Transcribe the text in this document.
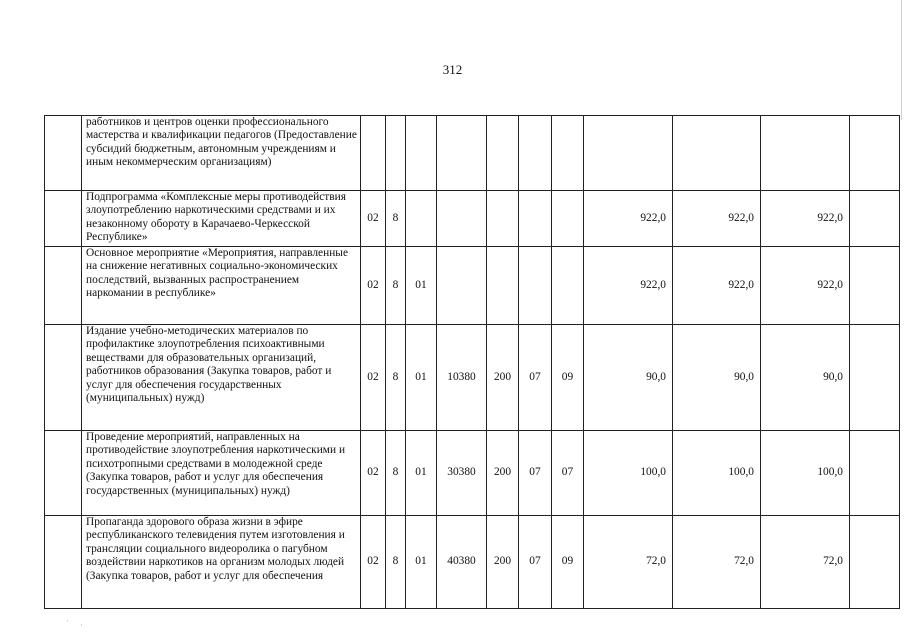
312
	работников и центров оценки профессионального мастерства и квалификации педагогов (Предоставление субсидий бюджетным, автономным учреждениям и иным некоммерческим организациям)											
	Подпрограмма «Комплексные меры противодействия злоупотреблению наркотическими средствами и их незаконному обороту в Карачаево-Черкесской Республике»	02	8						922,0	922,0	922,0	
	Основное мероприятие «Мероприятия, направленные на снижение негативных социально-экономических последствий, вызванных распространением наркомании в республике»	02	8	01					922,0	922,0	922,0	
	Издание учебно-методических материалов по профилактике злоупотребления психоактивными веществами для образовательных организаций, работников образования (Закупка товаров, работ и услуг для обеспечения государственных (муниципальных) нужд)	02	8	01	10380	200	07	09	90,0	90,0	90,0	
	Проведение мероприятий, направленных на противодействие злоупотребления наркотическими и психотропными средствами в молодежной среде (Закупка товаров, работ и услуг для обеспечения государственных (муниципальных) нужд)	02	8	01	30380	200	07	07	100,0	100,0	100,0	
	Пропаганда здорового образа жизни в эфире республиканского телевидения путем изготовления и трансляции социального видеоролика о пагубном воздействии наркотиков на организм молодых людей (Закупка товаров, работ и услуг для обеспечения	02	8	01	40380	200	07	09	72,0	72,0	72,0	
· ·
